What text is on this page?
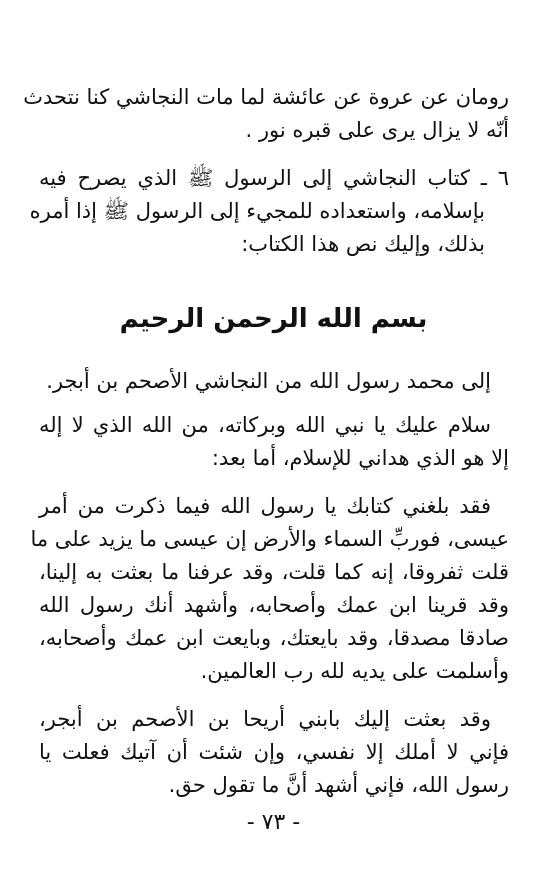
رومان عن عروة عن عائشة لما مات النجاشي كنا نتحدث
أنّه لا يزال يرى على قبره نور .
٦ ـ كتاب النجاشي إلى الرسول ﷺ الذي يصرح فيه
بإسلامه، واستعداده للمجيء إلى الرسول ﷺ إذا أمره
بذلك، وإليك نص هذا الكتاب:
بسم الله الرحمن الرحيم
إلى محمد رسول الله من النجاشي الأصحم بن أبجر.
سلام عليك يا نبي الله وبركاته، من الله الذي لا إله
إلا هو الذي هداني للإسلام، أما بعد:
فقد بلغني كتابك يا رسول الله فيما ذكرت من أمر
عيسى، فوربِّ السماء والأرض إن عيسى ما يزيد على ما
قلت ثفروقا، إنه كما قلت، وقد عرفنا ما بعثت به إلينا،
وقد قرينا ابن عمك وأصحابه، وأشهد أنك رسول الله
صادقا مصدقا، وقد بايعتك، وبايعت ابن عمك وأصحابه،
وأسلمت على يديه لله رب العالمين.
وقد بعثت إليك بابني أريحا بن الأصحم بن أبجر،
فإني لا أملك إلا نفسي، وإن شئت أن آتيك فعلت يا
رسول الله، فإني أشهد أنَّ ما تقول حق.
- ٧٣ -
